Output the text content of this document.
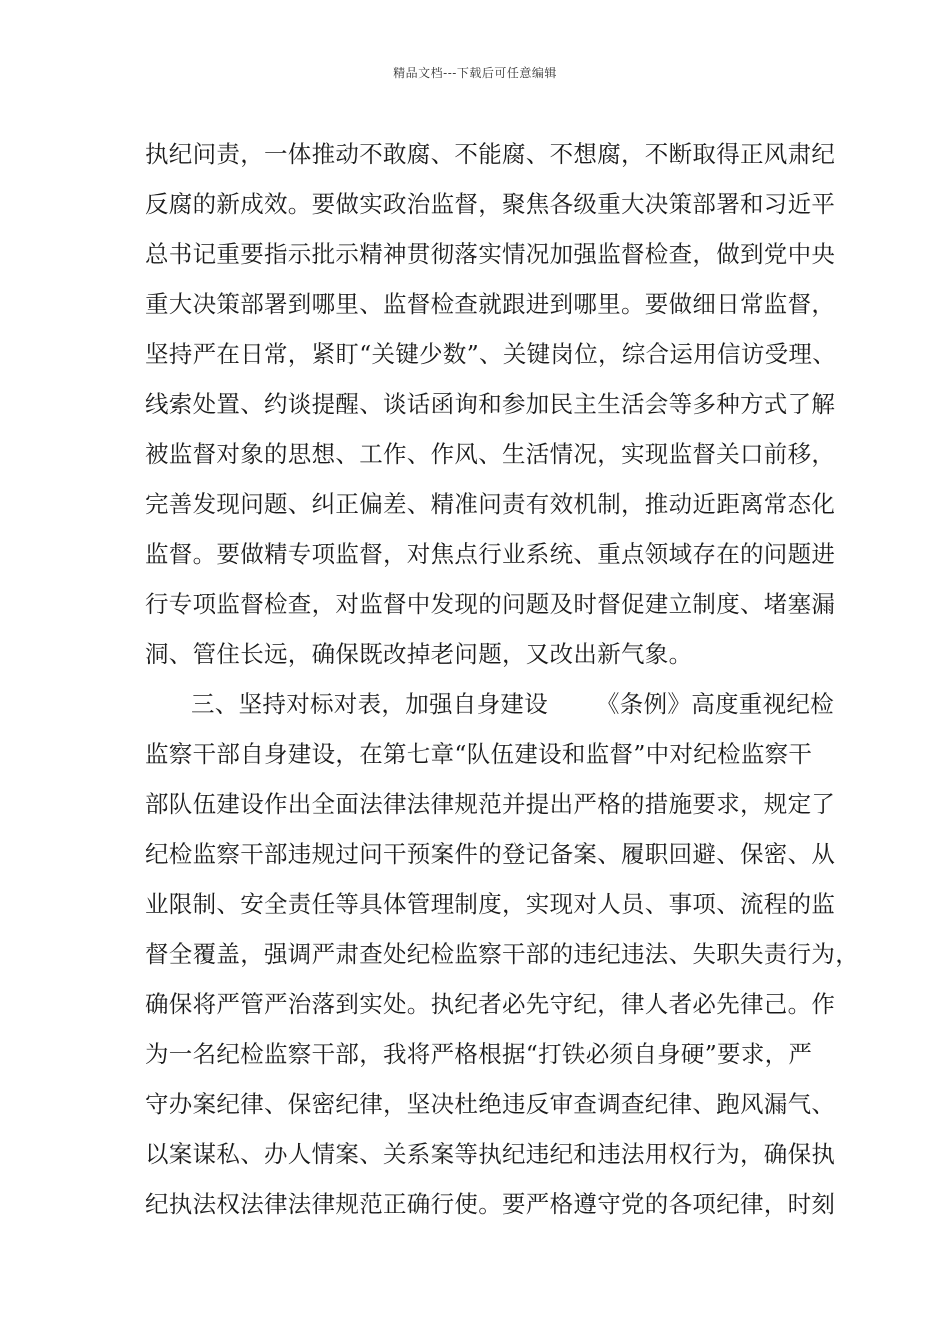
精品文档---下载后可任意编辑
执纪问责，一体推动不敢腐、不能腐、不想腐，不断取得正风肃纪
反腐的新成效。要做实政治监督，聚焦各级重大决策部署和习近平
总书记重要指示批示精神贯彻落实情况加强监督检查，做到党中央
重大决策部署到哪里、监督检查就跟进到哪里。要做细日常监督，
坚持严在日常，紧盯“关键少数”、关键岗位，综合运用信访受理、
线索处置、约谈提醒、谈话函询和参加民主生活会等多种方式了解
被监督对象的思想、工作、作风、生活情况，实现监督关口前移，
完善发现问题、纠正偏差、精准问责有效机制，推动近距离常态化
监督。要做精专项监督，对焦点行业系统、重点领域存在的问题进
行专项监督检查，对监督中发现的问题及时督促建立制度、堵塞漏
洞、管住长远，确保既改掉老问题，又改出新气象。
三、坚持对标对表，加强自身建设 《条例》高度重视纪检
监察干部自身建设，在第七章“队伍建设和监督”中对纪检监察干
部队伍建设作出全面法律法律规范并提出严格的措施要求，规定了
纪检监察干部违规过问干预案件的登记备案、履职回避、保密、从
业限制、安全责任等具体管理制度，实现对人员、事项、流程的监
督全覆盖，强调严肃查处纪检监察干部的违纪违法、失职失责行为，
确保将严管严治落到实处。执纪者必先守纪，律人者必先律己。作
为一名纪检监察干部，我将严格根据“打铁必须自身硬”要求，严
守办案纪律、保密纪律，坚决杜绝违反审查调查纪律、跑风漏气、
以案谋私、办人情案、关系案等执纪违纪和违法用权行为，确保执
纪执法权法律法律规范正确行使。要严格遵守党的各项纪律，时刻
